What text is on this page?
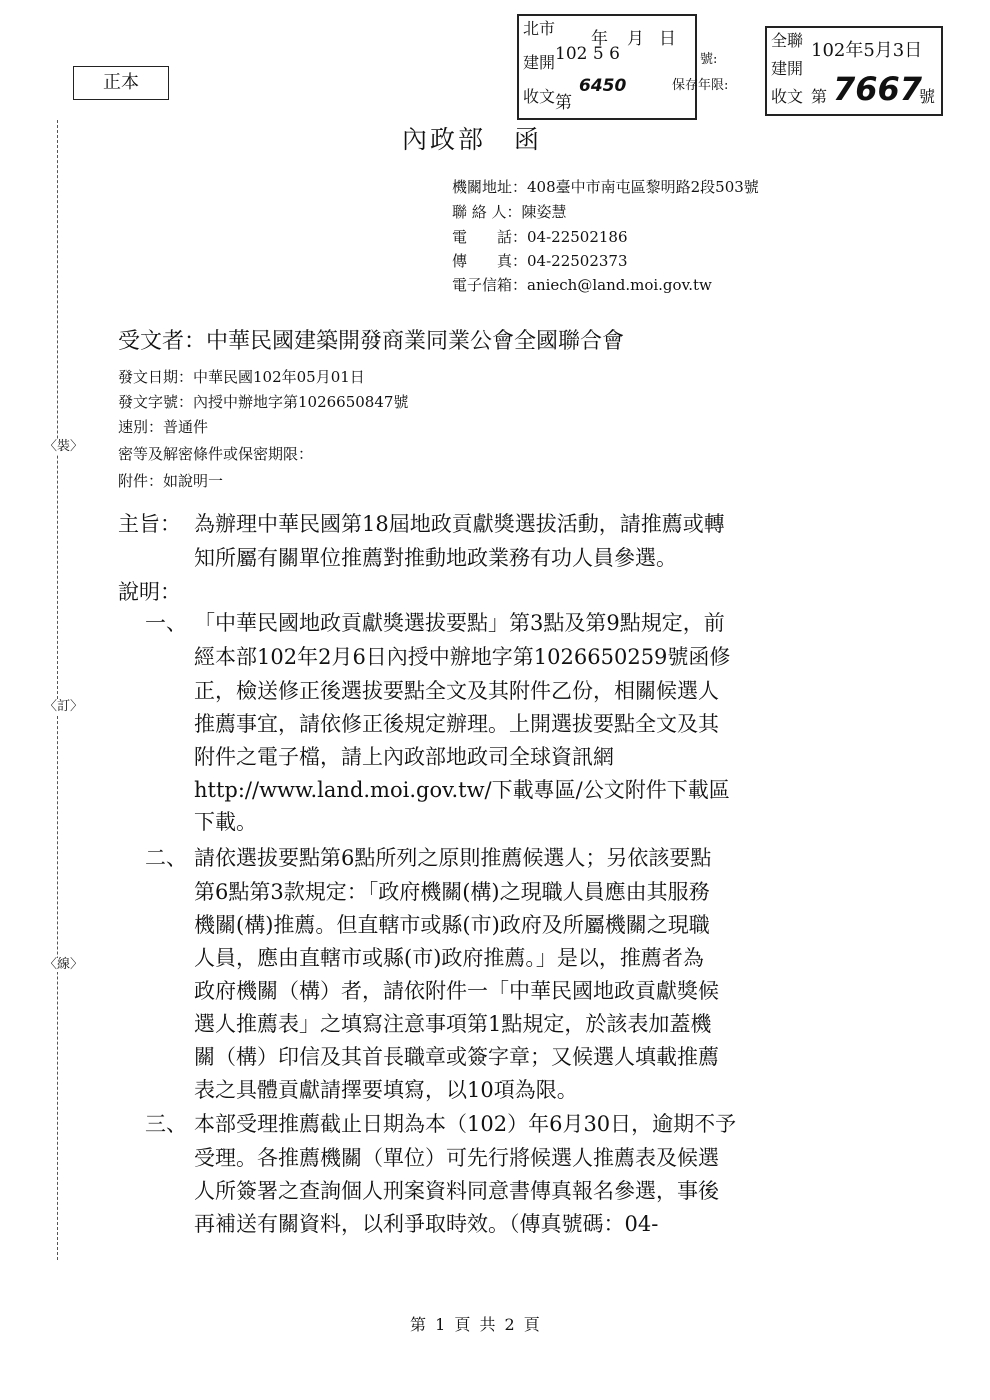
〈裝〉
〈訂〉
〈線〉
正本
北市
建開
收文
102 5 6
年 月 日
第
6450
號:
保存年限:
全聯
建開
收文
102年5月3日
第 7667
號
內政部　函
機關地址：408臺中市南屯區黎明路2段503號
聯 絡 人：陳姿慧
電　　話：04-22502186
傳　　真：04-22502373
電子信箱：aniech@land.moi.gov.tw
受文者：中華民國建築開發商業同業公會全國聯合會
發文日期：中華民國102年05月01日
發文字號：內授中辦地字第1026650847號
速別：普通件
密等及解密條件或保密期限：
附件：如說明一
主旨： 為辦理中華民國第18屆地政貢獻獎選拔活動，請推薦或轉
知所屬有關單位推薦對推動地政業務有功人員參選。
說明：
一、 「中華民國地政貢獻獎選拔要點」第3點及第9點規定，前
經本部102年2月6日內授中辦地字第1026650259號函修
正，檢送修正後選拔要點全文及其附件乙份，相關候選人
推薦事宜，請依修正後規定辦理。上開選拔要點全文及其
附件之電子檔，請上內政部地政司全球資訊網
http://www.land.moi.gov.tw/下載專區/公文附件下載區
下載。
二、 請依選拔要點第6點所列之原則推薦候選人；另依該要點
第6點第3款規定：「政府機關(構)之現職人員應由其服務
機關(構)推薦。但直轄市或縣(市)政府及所屬機關之現職
人員，應由直轄市或縣(市)政府推薦。」是以，推薦者為
政府機關（構）者，請依附件一「中華民國地政貢獻獎候
選人推薦表」之填寫注意事項第1點規定，於該表加蓋機
關（構）印信及其首長職章或簽字章；又候選人填載推薦
表之具體貢獻請擇要填寫，以10項為限。
三、 本部受理推薦截止日期為本（102）年6月30日，逾期不予
受理。各推薦機關（單位）可先行將候選人推薦表及候選
人所簽署之查詢個人刑案資料同意書傳真報名參選，事後
再補送有關資料，以利爭取時效。（傳真號碼：04-
第 1 頁 共 2 頁
